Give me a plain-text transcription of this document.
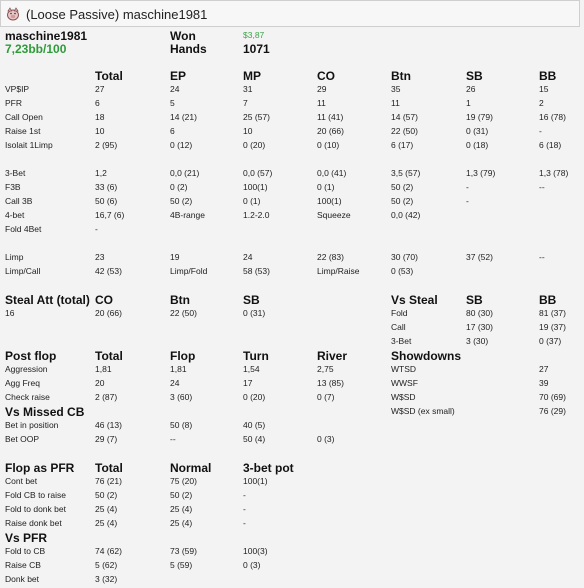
(Loose Passive) maschine1981
maschine1981
7,23bb/100
Won	$3,87
Hands	1071
Total	EP	MP	CO	Btn	SB	BB
VP$IP	27	24	31	29	35	26	15
PFR	6	5	7	11	11	1	2
Call Open	18	14 (21)	25 (57)	11 (41)	14 (57)	19 (79)	16 (78)
Raise 1st	10	6	10	20 (66)	22 (50)	0 (31)	-
Isolait 1Limp	2 (95)	0 (12)	0 (20)	0 (10)	6 (17)	0 (18)	6 (18)
3-Bet	1,2	0,0 (21)	0,0 (57)	0,0 (41)	3,5 (57)	1,3 (79)	1,3 (78)
F3B	33 (6)	0 (2)	100(1)	0 (1)	50 (2)	-	--
Call 3B	50 (6)	50 (2)	0 (1)	100(1)	50 (2)	-
4-bet	16,7 (6)	4B-range	1.2-2.0	Squeeze	0,0 (42)
Fold 4Bet	-
Limp	23	19	24	22 (83)	30 (70)	37 (52)	--
Limp/Call	42 (53)	Limp/Fold	58 (53)	Limp/Raise	0 (53)
Steal Att (total) CO	Btn	SB
16	20 (66)	22 (50)	0 (31)
Vs Steal SB	BB
Fold	80 (30)	81 (37)
Call	17 (30)	19 (37)
3-Bet	3 (30)	0 (37)
Post flop	Total	Flop	Turn	River
Aggression	1,81	1,81	1,54	2,75
Agg Freq	20	24	17	13 (85)
Check raise	2 (87)	3 (60)	0 (20)	0 (7)
Showdowns
WTSD	27
WWSF	39
W$SD	70 (69)
W$SD (ex small)	76 (29)
Vs Missed CB
Bet in position	46 (13)	50 (8)	40 (5)
Bet OOP	29 (7)	--	50 (4)	0 (3)
Flop as PFR Total	Normal	3-bet pot
Cont bet	76 (21)	75 (20)	100(1)
Fold CB to raise	50 (2)	50 (2)	-
Fold to donk bet	25 (4)	25 (4)	-
Raise donk bet	25 (4)	25 (4)	-
Vs PFR
Fold to CB	74 (62)	73 (59)	100(3)
Raise CB	5 (62)	5 (59)	0 (3)
Donk bet	3 (32)
